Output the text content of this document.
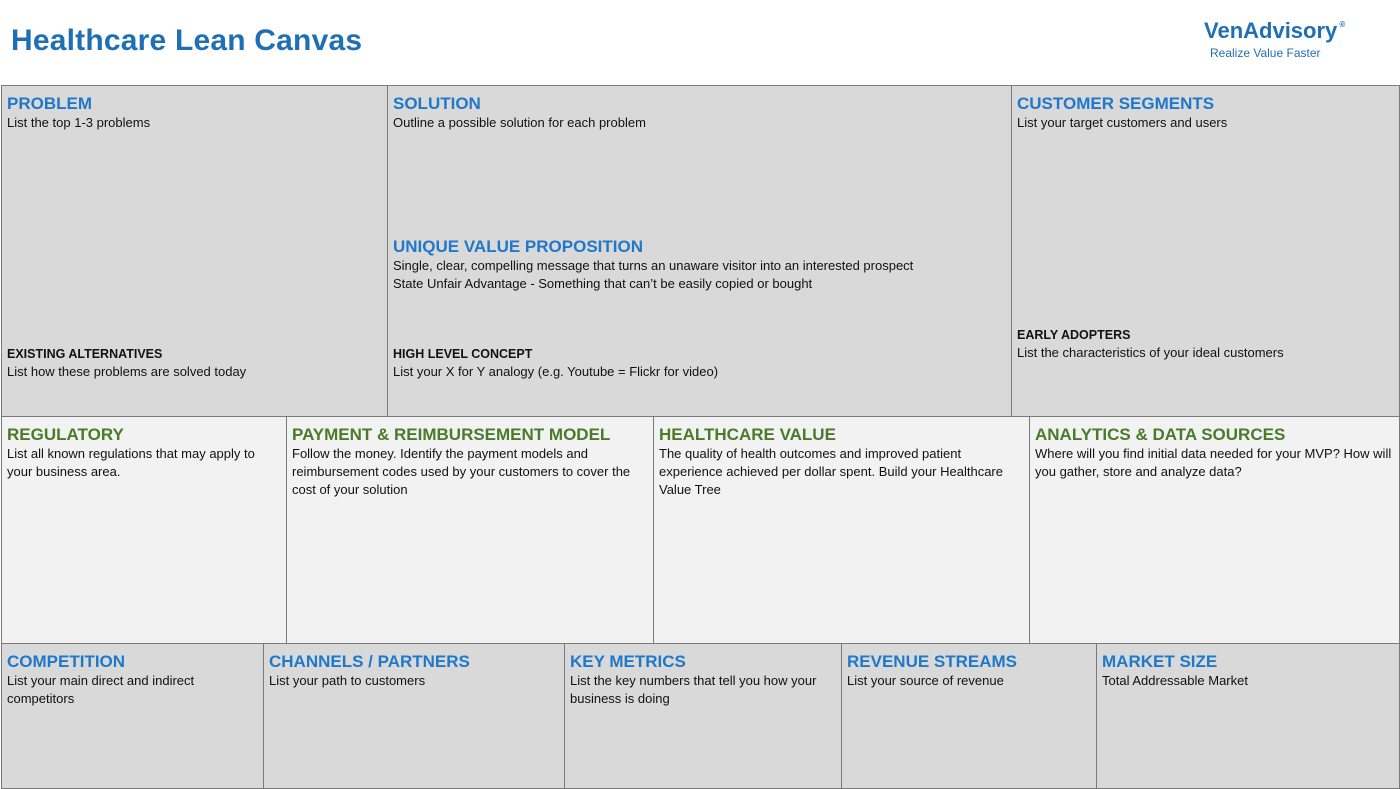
Healthcare Lean Canvas	VenAdvisory ®
Realize Value Faster

PROBLEM

List the top 1-3 problems

EXISTING ALTERNATIVES

List how these problems are solved today

SOLUTION

Outline a possible solution for each problem

UNIQUE VALUE PROPOSITION

Single, clear, compelling message that turns an unaware visitor into an interested prospect

State Unfair Advantage - Something that can’t be easily copied or bought

HIGH LEVEL CONCEPT

List your X for Y analogy (e.g. Youtube = Flickr for video)

CUSTOMER SEGMENTS

List your target customers and users

EARLY ADOPTERS

List the characteristics of your ideal customers

REGULATORY

List all known regulations that may apply to your business area.

PAYMENT & REIMBURSEMENT MODEL

Follow the money. Identify the payment models and reimbursement codes used by your customers to cover the cost of your solution

HEALTHCARE VALUE

The quality of health outcomes and improved patient experience achieved per dollar spent. Build your Healthcare Value Tree

ANALYTICS & DATA SOURCES

Where will you find initial data needed for your MVP? How will you gather, store and analyze data?

COMPETITION

List your main direct and indirect competitors

CHANNELS / PARTNERS

List your path to customers

KEY METRICS

List the key numbers that tell you how your business is doing

REVENUE STREAMS

List your source of revenue

MARKET SIZE

Total Addressable Market
